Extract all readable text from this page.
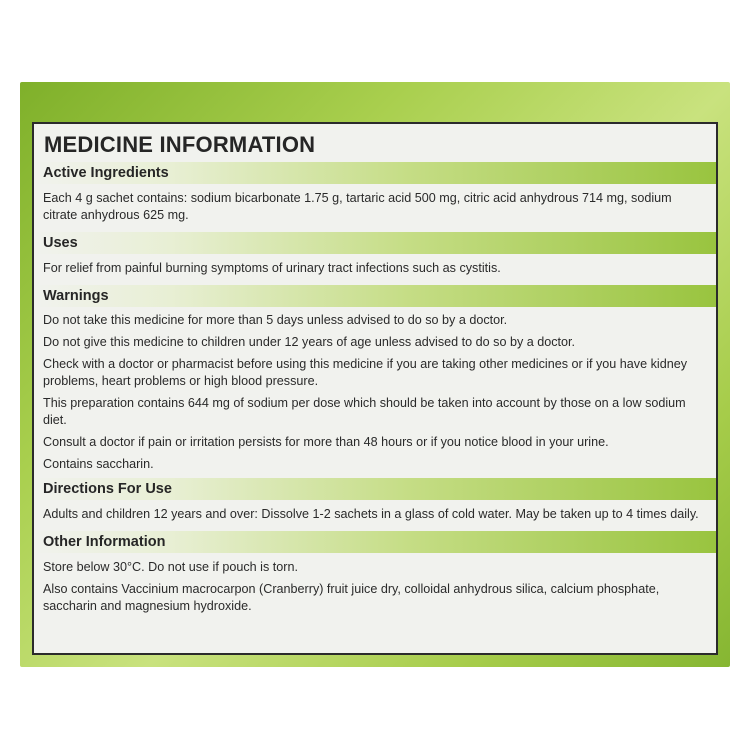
MEDICINE INFORMATION
Active Ingredients
Each 4 g sachet contains: sodium bicarbonate 1.75 g, tartaric acid 500 mg, citric acid anhydrous 714 mg, sodium citrate anhydrous 625 mg.
Uses
For relief from painful burning symptoms of urinary tract infections such as cystitis.
Warnings
Do not take this medicine for more than 5 days unless advised to do so by a doctor.
Do not give this medicine to children under 12 years of age unless advised to do so by a doctor.
Check with a doctor or pharmacist before using this medicine if you are taking other medicines or if you have kidney problems, heart problems or high blood pressure.
This preparation contains 644 mg of sodium per dose which should be taken into account by those on a low sodium diet.
Consult a doctor if pain or irritation persists for more than 48 hours or if you notice blood in your urine.
Contains saccharin.
Directions For Use
Adults and children 12 years and over: Dissolve 1-2 sachets in a glass of cold water. May be taken up to 4 times daily.
Other Information
Store below 30°C. Do not use if pouch is torn.
Also contains Vaccinium macrocarpon (Cranberry) fruit juice dry, colloidal anhydrous silica, calcium phosphate, saccharin and magnesium hydroxide.
